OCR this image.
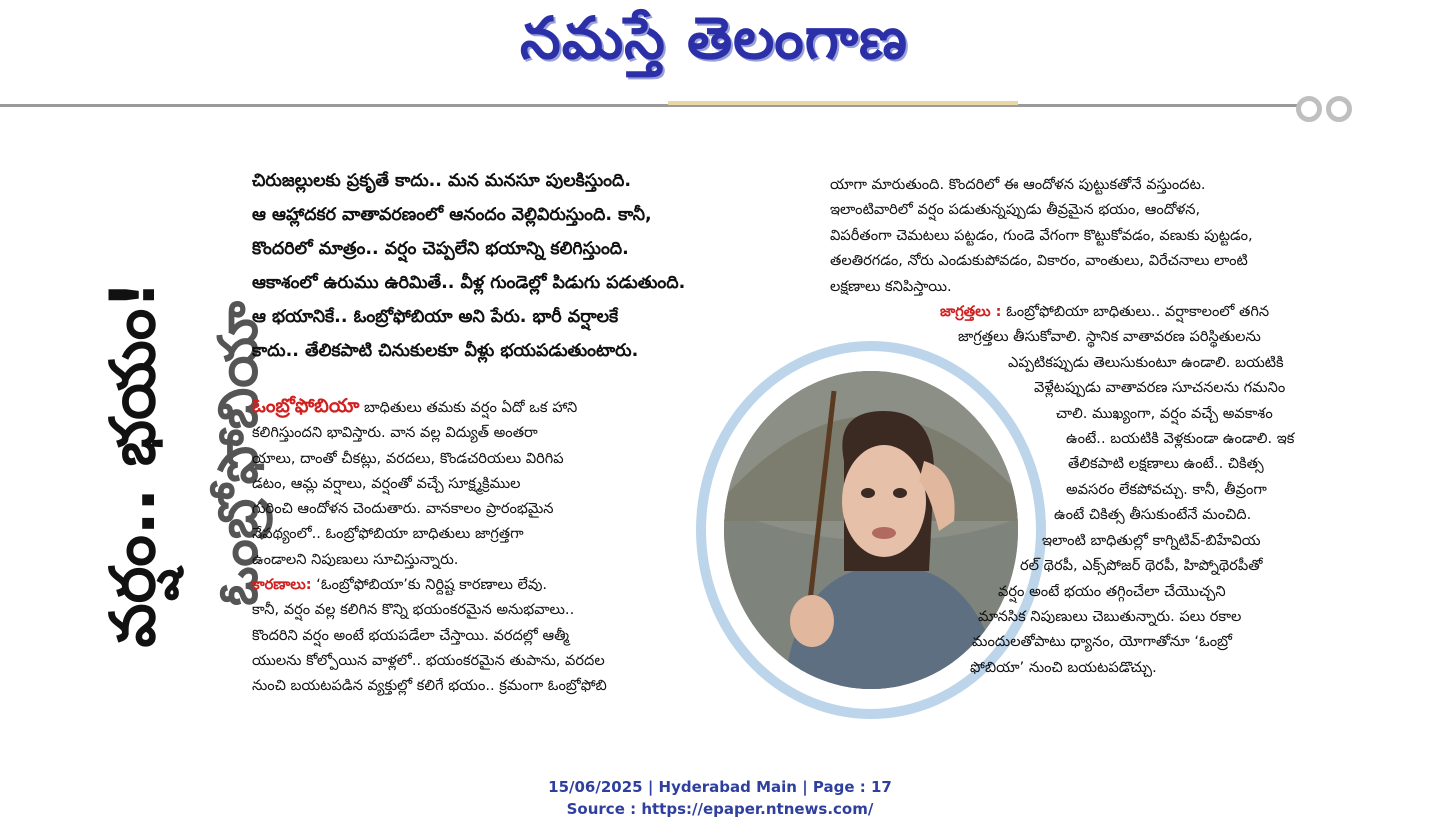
నమస్తే తెలంగాణ
వర్షం.. భయం! ఓంబ్రోఫోబియా

చిరుజల్లులకు ప్రకృతే కాదు.. మన మనసూ పులకిస్తుంది.

ఆ ఆహ్లాదకర వాతావరణంలో ఆనందం వెల్లివిరుస్తుంది. కానీ,

కొందరిలో మాత్రం.. వర్షం చెప్పలేని భయాన్ని కలిగిస్తుంది.

ఆకాశంలో ఉరుము ఉరిమితే.. వీళ్ల గుండెల్లో పిడుగు పడుతుంది.

ఆ భయానికే.. ఓంబ్రోఫోబియా అని పేరు. భారీ వర్షాలకే

కాదు.. తేలికపాటి చినుకులకూ వీళ్లు భయపడుతుంటారు.

ఓంబ్రోఫోబియా బాధితులు తమకు వర్షం ఏదో ఒక హాని

కలిగిస్తుందని భావిస్తారు. వాన వల్ల విద్యుత్ అంతరా

యాలు, దాంతో చీకట్లు, వరదలు, కొండచరియలు విరిగిప

డటం, ఆమ్ల వర్షాలు, వర్షంతో వచ్చే సూక్ష్మక్రిముల

గురించి ఆందోళన చెందుతారు. వానకాలం ప్రారంభమైన

నేపథ్యంలో.. ఓంబ్రోఫోబియా బాధితులు జాగ్రత్తగా

ఉండాలని నిపుణులు సూచిస్తున్నారు.

కారణాలు: ‘ఓంబ్రోఫోబియా’కు నిర్దిష్ట కారణాలు లేవు.

కానీ, వర్షం వల్ల కలిగిన కొన్ని భయంకరమైన అనుభవాలు..

కొందరిని వర్షం అంటే భయపడేలా చేస్తాయి. వరదల్లో ఆత్మీ

యులను కోల్పోయిన వాళ్లలో.. భయంకరమైన తుపాను, వరదల

నుంచి బయటపడిన వ్యక్తుల్లో కలిగే భయం.. క్రమంగా ఓంబ్రోఫోబి

యాగా మారుతుంది. కొందరిలో ఈ ఆందోళన పుట్టుకతోనే వస్తుందట.

ఇలాంటివారిలో వర్షం పడుతున్నప్పుడు తీవ్రమైన భయం, ఆందోళన,

విపరీతంగా చెమటలు పట్టడం, గుండె వేగంగా కొట్టుకోవడం, వణుకు పుట్టడం,

తలతిరగడం, నోరు ఎండుకుపోవడం, వికారం, వాంతులు, విరేచనాలు లాంటి

లక్షణాలు కనిపిస్తాయి.

జాగ్రత్తలు : ఓంబ్రోఫోబియా బాధితులు.. వర్షాకాలంలో తగిన

జాగ్రత్తలు తీసుకోవాలి. స్థానిక వాతావరణ పరిస్థితులను

ఎప్పటికప్పుడు తెలుసుకుంటూ ఉండాలి. బయటికి

వెళ్లేటప్పుడు వాతావరణ సూచనలను గమనిం

చాలి. ముఖ్యంగా, వర్షం వచ్చే అవకాశం

ఉంటే.. బయటికి వెళ్లకుండా ఉండాలి. ఇక

తేలికపాటి లక్షణాలు ఉంటే.. చికిత్స

అవసరం లేకపోవచ్చు. కానీ, తీవ్రంగా

ఉంటే చికిత్స తీసుకుంటేనే మంచిది.

ఇలాంటి బాధితుల్లో కాగ్నిటివ్-బిహేవియ

రల్ థెరపీ, ఎక్స్‌పోజర్ థెరపీ, హిప్నోథెరపీతో

వర్షం అంటే భయం తగ్గించేలా చేయొచ్చని

మానసిక నిపుణులు చెబుతున్నారు. పలు రకాల

మందులతోపాటు ధ్యానం, యోగాతోనూ ‘ఓంబ్రో

ఫోబియా’ నుంచి బయటపడొచ్చు.

15/06/2025 | Hyderabad Main | Page : 17
Source : https://epaper.ntnews.com/
